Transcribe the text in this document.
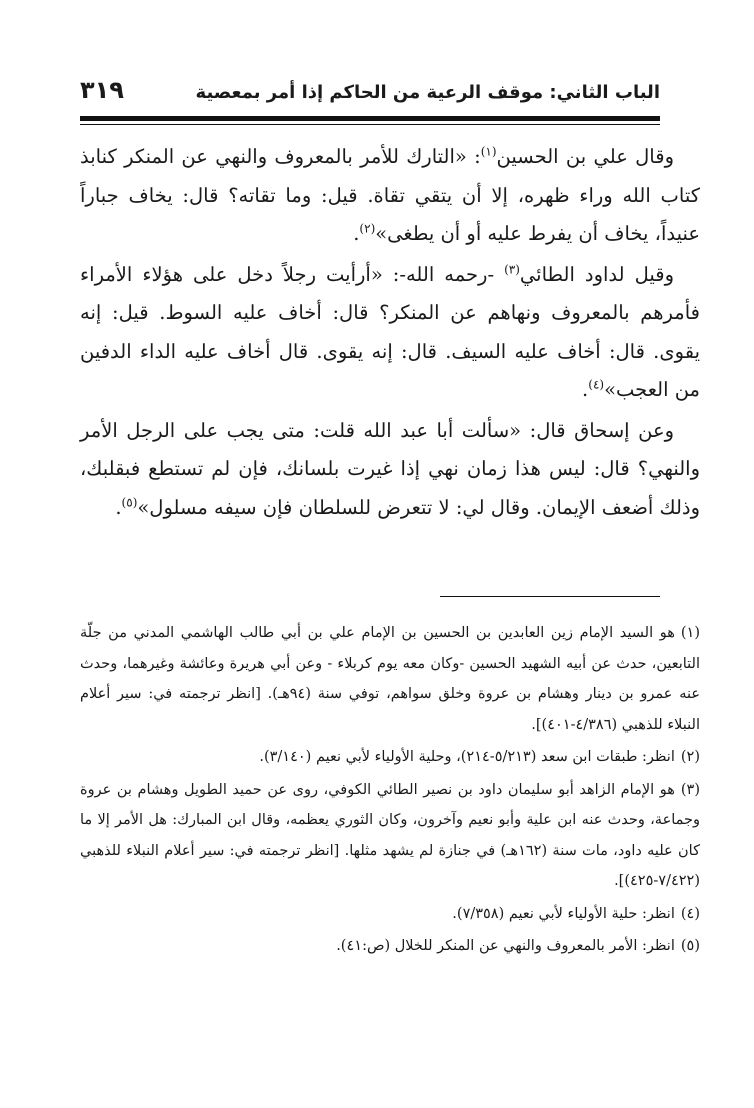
الباب الثاني: موقف الرعية من الحاكم إذا أمر بمعصية
٣١٩

وقال علي بن الحسين$^{(١)}$: «التارك للأمر بالمعروف والنهي عن المنكر كنابذ كتاب الله وراء ظهره، إلا أن يتقي تقاة. قيل: وما تقاته؟ قال: يخاف جباراً عنيداً، يخاف أن يفرط عليه أو أن يطغى»$^{(٢)}$.

وقيل لداود الطائي$^{(٣)}$ -رحمه الله-: «أرأيت رجلاً دخل على هؤلاء الأمراء فأمرهم بالمعروف ونهاهم عن المنكر؟ قال: أخاف عليه السوط. قيل: إنه يقوى. قال: أخاف عليه السيف. قال: إنه يقوى. قال أخاف عليه الداء الدفين من العجب»$^{(٤)}$.

وعن إسحاق قال: «سألت أبا عبد الله قلت: متى يجب على الرجل الأمر والنهي؟ قال: ليس هذا زمان نهي إذا غيرت بلسانك، فإن لم تستطع فبقلبك، وذلك أضعف الإيمان. وقال لي: لا تتعرض للسلطان فإن سيفه مسلول»$^{(٥)}$.

(١)هو السيد الإمام زين العابدين بن الحسين بن الإمام علي بن أبي طالب الهاشمي المدني من جلّة التابعين، حدث عن أبيه الشهيد الحسين -وكان معه يوم كربلاء - وعن أبي هريرة وعائشة وغيرهما، وحدث عنه عمرو بن دينار وهشام بن عروة وخلق سواهم، توفي سنة (٩٤هـ). [انظر ترجمته في: سير أعلام النبلاء للذهبي (٤/٣٨٦-٤٠١)].

(٢)انظر: طبقات ابن سعد (٥/٢١٣-٢١٤)، وحلية الأولياء لأبي نعيم (٣/١٤٠).

(٣)هو الإمام الزاهد أبو سليمان داود بن نصير الطائي الكوفي، روى عن حميد الطويل وهشام بن عروة وجماعة، وحدث عنه ابن علية وأبو نعيم وآخرون، وكان الثوري يعظمه، وقال ابن المبارك: هل الأمر إلا ما كان عليه داود، مات سنة (١٦٢هـ) في جنازة لم يشهد مثلها. [انظر ترجمته في: سير أعلام النبلاء للذهبي (٧/٤٢٢-٤٢٥)].

(٤)انظر: حلية الأولياء لأبي نعيم (٧/٣٥٨).

(٥)انظر: الأمر بالمعروف والنهي عن المنكر للخلال (ص:٤١).
